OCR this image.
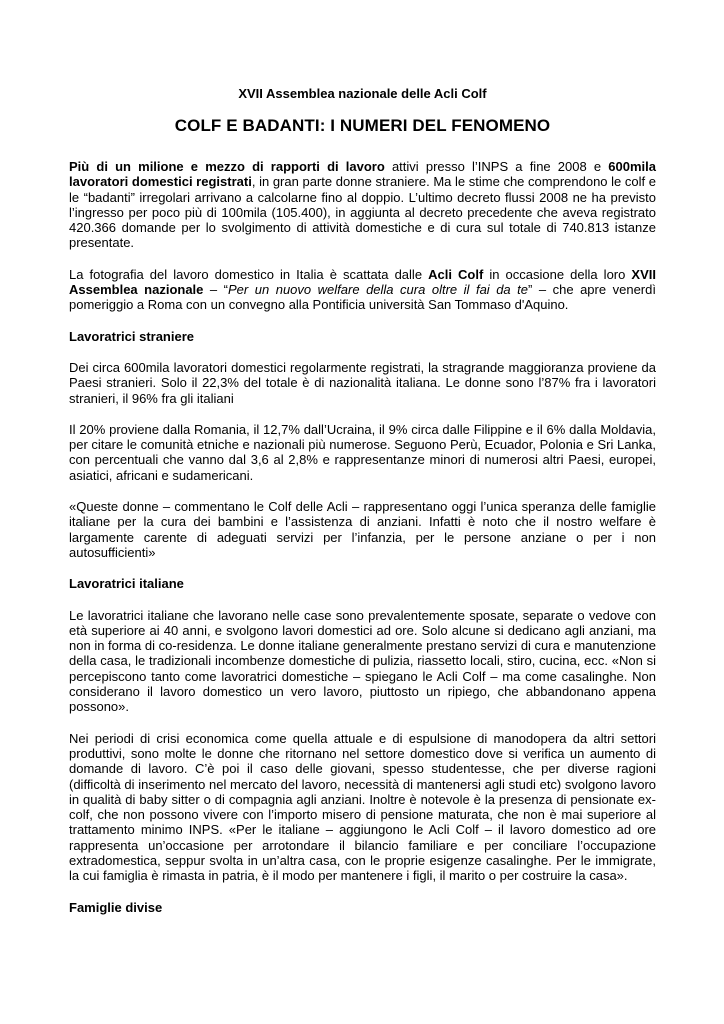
XVII Assemblea nazionale delle Acli Colf

COLF E BADANTI: I NUMERI DEL FENOMENO

Più di un milione e mezzo di rapporti di lavoro attivi presso l’INPS a fine 2008 e 600mila lavoratori domestici registrati, in gran parte donne straniere. Ma le stime che comprendono le colf e le “badanti” irregolari arrivano a calcolarne fino al doppio. L’ultimo decreto flussi 2008 ne ha previsto l’ingresso per poco più di 100mila (105.400), in aggiunta al decreto precedente che aveva registrato 420.366 domande per lo svolgimento di attività domestiche e di cura sul totale di 740.813 istanze presentate.

La fotografia del lavoro domestico in Italia è scattata dalle Acli Colf in occasione della loro XVII Assemblea nazionale – “Per un nuovo welfare della cura oltre il fai da te” – che apre venerdì pomeriggio a Roma con un convegno alla Pontificia università San Tommaso d'Aquino.

Lavoratrici straniere

Dei circa 600mila lavoratori domestici regolarmente registrati, la stragrande maggioranza proviene da Paesi stranieri. Solo il 22,3% del totale è di nazionalità italiana. Le donne sono l’87% fra i lavoratori stranieri, il 96% fra gli italiani

Il 20% proviene dalla Romania, il 12,7% dall’Ucraina, il 9% circa dalle Filippine e il 6% dalla Moldavia, per citare le comunità etniche e nazionali più numerose. Seguono Perù, Ecuador, Polonia e Sri Lanka, con percentuali che vanno dal 3,6 al 2,8% e rappresentanze minori di numerosi altri Paesi, europei, asiatici, africani e sudamericani.

«Queste donne – commentano le Colf delle Acli – rappresentano oggi l’unica speranza delle famiglie italiane per la cura dei bambini e l’assistenza di anziani. Infatti è noto che il nostro welfare è largamente carente di adeguati servizi per l’infanzia, per le persone anziane o per i non autosufficienti»

Lavoratrici italiane

Le lavoratrici italiane che lavorano nelle case sono prevalentemente sposate, separate o vedove con età superiore ai 40 anni, e svolgono lavori domestici ad ore. Solo alcune si dedicano agli anziani, ma non in forma di co-residenza. Le donne italiane generalmente prestano servizi di cura e manutenzione della casa, le tradizionali incombenze domestiche di pulizia, riassetto locali, stiro, cucina, ecc. «Non si percepiscono tanto come lavoratrici domestiche – spiegano le Acli Colf – ma come casalinghe. Non considerano il lavoro domestico un vero lavoro, piuttosto un ripiego, che abbandonano appena possono».

Nei periodi di crisi economica come quella attuale e di espulsione di manodopera da altri settori produttivi, sono molte le donne che ritornano nel settore domestico dove si verifica un aumento di domande di lavoro. C’è poi il caso delle giovani, spesso studentesse, che per diverse ragioni (difficoltà di inserimento nel mercato del lavoro, necessità di mantenersi agli studi etc) svolgono lavoro in qualità di baby sitter o di compagnia agli anziani. Inoltre è notevole è la presenza di pensionate ex-colf, che non possono vivere con l’importo misero di pensione maturata, che non è mai superiore al trattamento minimo INPS. «Per le italiane – aggiungono le Acli Colf – il lavoro domestico ad ore rappresenta un’occasione per arrotondare il bilancio familiare e per conciliare l’occupazione extradomestica, seppur svolta in un’altra casa, con le proprie esigenze casalinghe. Per le immigrate, la cui famiglia è rimasta in patria, è il modo per mantenere i figli, il marito o per costruire la casa».

Famiglie divise
